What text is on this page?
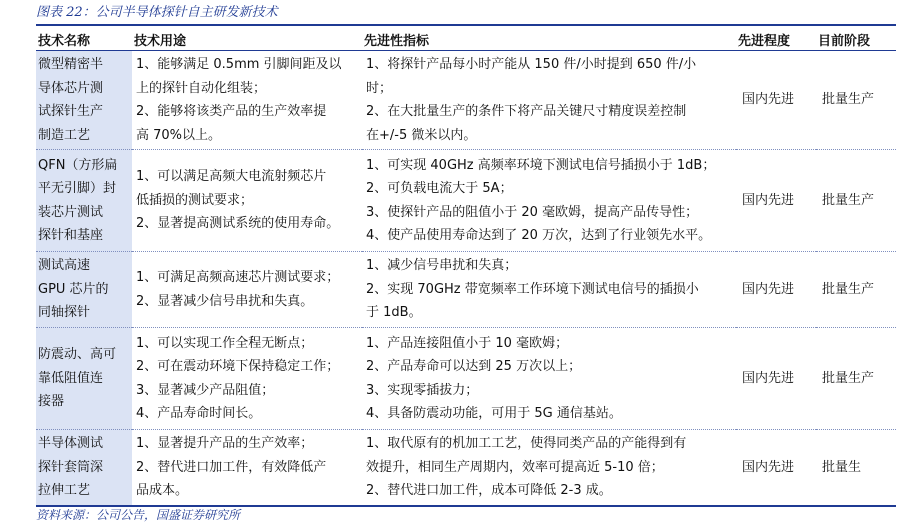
图表 22：公司半导体探针自主研发新技术
技术名称	技术用途	先进性指标	先进程度	目前阶段

微型精密半
导体芯片测
试探针生产
制造工艺	1、能够满足 0.5mm 引脚间距及以
上的探针自动化组装；
2、能够将该类产品的生产效率提
高 70%以上。	1、将探针产品每小时产能从 150 件/小时提到 650 件/小
时；
2、在大批量生产的条件下将产品关键尺寸精度误差控制
在+/-5 微米以内。	国内先进	批量生产

QFN（方形扁
平无引脚）封
装芯片测试
探针和基座	1、可以满足高频大电流射频芯片
低插损的测试要求；
2、显著提高测试系统的使用寿命。	1、可实现 40GHz 高频率环境下测试电信号插损小于 1dB；
2、可负载电流大于 5A；
3、使探针产品的阻值小于 20 毫欧姆，提高产品传导性；
4、使产品使用寿命达到了 20 万次，达到了行业领先水平。	国内先进	批量生产

测试高速
GPU 芯片的
同轴探针	1、可满足高频高速芯片测试要求；
2、显著减少信号串扰和失真。	1、减少信号串扰和失真；
2、实现 70GHz 带宽频率工作环境下测试电信号的插损小
于 1dB。	国内先进	批量生产

防震动、高可
靠低阻值连
接器	1、可以实现工作全程无断点；
2、可在震动环境下保持稳定工作；
3、显著减少产品阻值；
4、产品寿命时间长。	1、产品连接阻值小于 10 毫欧姆；
2、产品寿命可以达到 25 万次以上；
3、实现零插拔力；
4、具备防震动功能，可用于 5G 通信基站。	国内先进	批量生产

半导体测试
探针套筒深
拉伸工艺	1、显著提升产品的生产效率；
2、替代进口加工件，有效降低产
品成本。	1、取代原有的机加工工艺，使得同类产品的产能得到有
效提升，相同生产周期内，效率可提高近 5-10 倍；
2、替代进口加工件，成本可降低 2-3 成。	国内先进	批量生
资料来源：公司公告，国盛证券研究所
